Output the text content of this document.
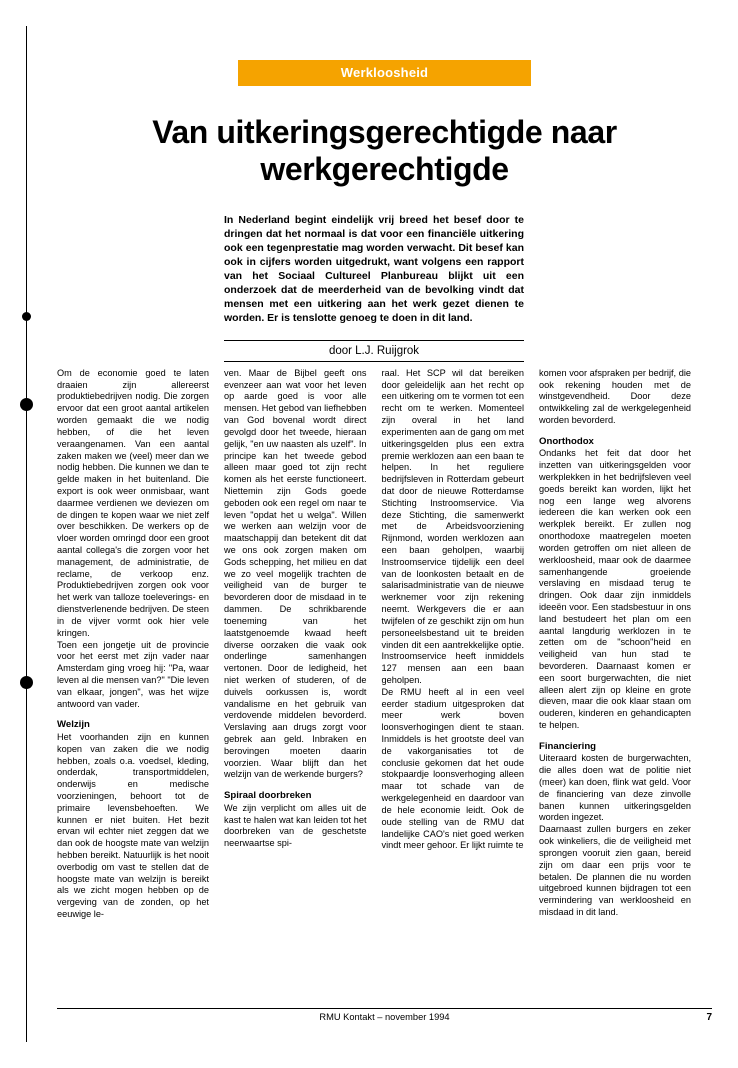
Werkloosheid
Van uitkeringsgerechtigde naar werkgerechtigde

In Nederland begint eindelijk vrij breed het besef door te dringen dat het normaal is dat voor een financiële uitkering ook een tegenprestatie mag worden verwacht. Dit besef kan ook in cijfers worden uitgedrukt, want volgens een rapport van het Sociaal Cultureel Planbureau blijkt uit een onderzoek dat de meerderheid van de bevolking vindt dat mensen met een uitkering aan het werk gezet dienen te worden. Er is tenslotte genoeg te doen in dit land.

door L.J. Ruijgrok

Om de economie goed te laten draaien zijn allereerst produktiebedrijven nodig. Die zorgen ervoor dat een groot aantal artikelen worden gemaakt die we nodig hebben, of die het leven veraangenamen. Van een aantal zaken maken we (veel) meer dan we nodig hebben. Die kunnen we dan te gelde maken in het buitenland. Die export is ook weer onmisbaar, want daarmee verdienen we deviezen om de dingen te kopen waar we niet zelf over beschikken. De werkers op de vloer worden omringd door een groot aantal collega's die zorgen voor het management, de administratie, de reclame, de verkoop enz. Produktiebedrijven zorgen ook voor het werk van talloze toeleverings- en dienstverlenende bedrijven. De steen in de vijver vormt ook hier vele kringen.

Toen een jongetje uit de provincie voor het eerst met zijn vader naar Amsterdam ging vroeg hij: "Pa, waar leven al die mensen van?" "Die leven van elkaar, jongen", was het wijze antwoord van vader.

Welzijn

Het voorhanden zijn en kunnen kopen van zaken die we nodig hebben, zoals o.a. voedsel, kleding, onderdak, transportmiddelen, onderwijs en medische voorzieningen, behoort tot de primaire levensbehoeften. We kunnen er niet buiten. Het bezit ervan wil echter niet zeggen dat we dan ook de hoogste mate van welzijn hebben bereikt. Natuurlijk is het nooit overbodig om vast te stellen dat de hoogste mate van welzijn is bereikt als we zicht mogen hebben op de vergeving van de zonden, op het eeuwige le-

ven. Maar de Bijbel geeft ons evenzeer aan wat voor het leven op aarde goed is voor alle mensen. Het gebod van liefhebben van God bovenal wordt direct gevolgd door het tweede, hieraan gelijk, "en uw naasten als uzelf". In principe kan het tweede gebod alleen maar goed tot zijn recht komen als het eerste functioneert. Niettemin zijn Gods goede geboden ook een regel om naar te leven "opdat het u welga". Willen we werken aan welzijn voor de maatschappij dan betekent dit dat we ons ook zorgen maken om Gods schepping, het milieu en dat we zo veel mogelijk trachten de veiligheid van de burger te bevorderen door de misdaad in te dammen. De schrikbarende toeneming van het laatstgenoemde kwaad heeft diverse oorzaken die vaak ook onderlinge samenhangen vertonen. Door de ledigheid, het niet werken of studeren, of de duivels oorkussen is, wordt vandalisme en het gebruik van verdovende middelen bevorderd. Verslaving aan drugs zorgt voor gebrek aan geld. Inbraken en berovingen moeten daarin voorzien. Waar blijft dan het welzijn van de werkende burgers?

Spiraal doorbreken

We zijn verplicht om alles uit de kast te halen wat kan leiden tot het doorbreken van de geschetste neerwaartse spi-

raal. Het SCP wil dat bereiken door geleidelijk aan het recht op een uitkering om te vormen tot een recht om te werken. Momenteel zijn overal in het land experimenten aan de gang om met uitkeringsgelden plus een extra premie werklozen aan een baan te helpen. In het reguliere bedrijfsleven in Rotterdam gebeurt dat door de nieuwe Rotterdamse Stichting Instroomservice. Via deze Stichting, die samenwerkt met de Arbeidsvoorziening Rijnmond, worden werklozen aan een baan geholpen, waarbij Instroomservice tijdelijk een deel van de loonkosten betaalt en de salarisadministratie van de nieuwe werknemer voor zijn rekening neemt. Werkgevers die er aan twijfelen of ze geschikt zijn om hun personeelsbestand uit te breiden vinden dit een aantrekkelijke optie. Instroomservice heeft inmiddels 127 mensen aan een baan geholpen.

De RMU heeft al in een veel eerder stadium uitgesproken dat meer werk boven loonsverhogingen dient te staan. Inmiddels is het grootste deel van de vakorganisaties tot de conclusie gekomen dat het oude stokpaardje loonsverhoging alleen maar tot schade van de werkgelegenheid en daardoor van de hele economie leidt. Ook de oude stelling van de RMU dat landelijke CAO's niet goed werken vindt meer gehoor. Er lijkt ruimte te

komen voor afspraken per bedrijf, die ook rekening houden met de winstgevendheid. Door deze ontwikkeling zal de werkgelegenheid worden bevorderd.

Onorthodox

Ondanks het feit dat door het inzetten van uitkeringsgelden voor werkplekken in het bedrijfsleven veel goeds bereikt kan worden, lijkt het nog een lange weg alvorens iedereen die kan werken ook een werkplek bereikt. Er zullen nog onorthodoxe maatregelen moeten worden getroffen om niet alleen de werkloosheid, maar ook de daarmee samenhangende groeiende verslaving en misdaad terug te dringen. Ook daar zijn inmiddels ideeën voor. Een stadsbestuur in ons land bestudeert het plan om een aantal langdurig werklozen in te zetten om de "schoon"heid en veiligheid van hun stad te bevorderen. Daarnaast komen er een soort burgerwachten, die niet alleen alert zijn op kleine en grote dieven, maar die ook klaar staan om ouderen, kinderen en gehandicapten te helpen.

Financiering

Uiteraard kosten de burgerwachten, die alles doen wat de politie niet (meer) kan doen, flink wat geld. Voor de financiering van deze zinvolle banen kunnen uitkeringsgelden worden ingezet.

Daarnaast zullen burgers en zeker ook winkeliers, die de veiligheid met sprongen vooruit zien gaan, bereid zijn om daar een prijs voor te betalen. De plannen die nu worden uitgebroed kunnen bijdragen tot een vermindering van werkloosheid en misdaad in dit land.

RMU Kontakt – november 1994	7
